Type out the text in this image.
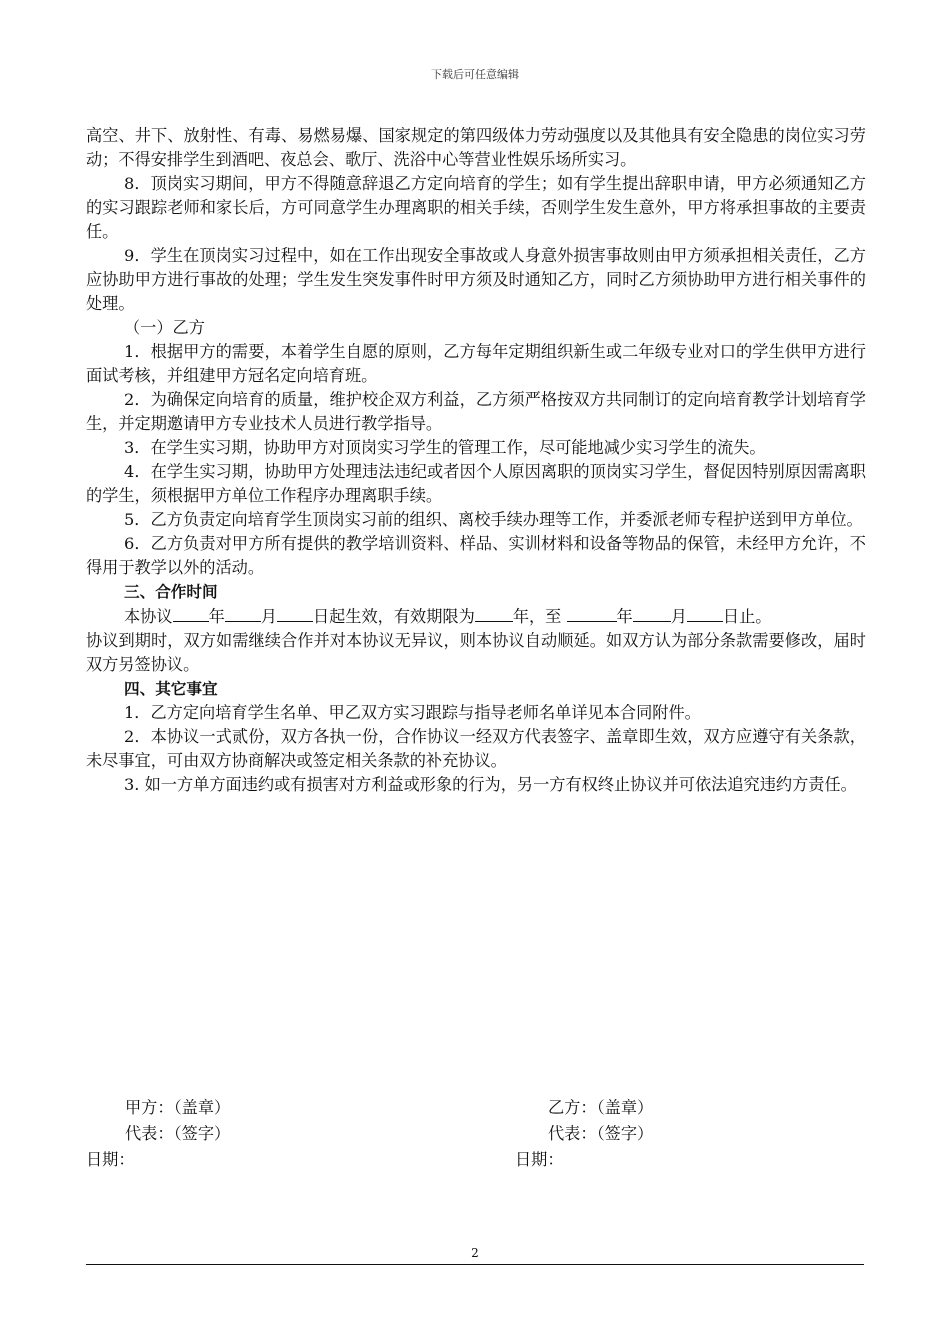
下载后可任意编辑

高空、井下、放射性、有毒、易燃易爆、国家规定的第四级体力劳动强度以及其他具有安全隐患的岗位实习劳动；不得安排学生到酒吧、夜总会、歌厅、洗浴中心等营业性娱乐场所实习。

8．顶岗实习期间，甲方不得随意辞退乙方定向培育的学生；如有学生提出辞职申请，甲方必须通知乙方的实习跟踪老师和家长后，方可同意学生办理离职的相关手续，否则学生发生意外，甲方将承担事故的主要责任。

9．学生在顶岗实习过程中，如在工作出现安全事故或人身意外损害事故则由甲方须承担相关责任，乙方应协助甲方进行事故的处理；学生发生突发事件时甲方须及时通知乙方，同时乙方须协助甲方进行相关事件的处理。

（一）乙方

1．根据甲方的需要，本着学生自愿的原则，乙方每年定期组织新生或二年级专业对口的学生供甲方进行面试考核，并组建甲方冠名定向培育班。

2．为确保定向培育的质量，维护校企双方利益，乙方须严格按双方共同制订的定向培育教学计划培育学生，并定期邀请甲方专业技术人员进行教学指导。

3．在学生实习期，协助甲方对顶岗实习学生的管理工作，尽可能地减少实习学生的流失。

4．在学生实习期，协助甲方处理违法违纪或者因个人原因离职的顶岗实习学生，督促因特别原因需离职的学生，须根据甲方单位工作程序办理离职手续。

5．乙方负责定向培育学生顶岗实习前的组织、离校手续办理等工作，并委派老师专程护送到甲方单位。

6．乙方负责对甲方所有提供的教学培训资料、样品、实训材料和设备等物品的保管，未经甲方允许，不得用于教学以外的活动。

三、合作时间

本协议 年 月 日起生效，有效期限为 年，至	年 月 日止。

协议到期时，双方如需继续合作并对本协议无异议，则本协议自动顺延。如双方认为部分条款需要修改，届时双方另签协议。

四、其它事宜

1．乙方定向培育学生名单、甲乙双方实习跟踪与指导老师名单详见本合同附件。

2．本协议一式贰份，双方各执一份，合作协议一经双方代表签字、盖章即生效，双方应遵守有关条款，未尽事宜，可由双方协商解决或签定相关条款的补充协议。

3. 如一方单方面违约或有损害对方利益或形象的行为，另一方有权终止协议并可依法追究违约方责任。

甲方：（盖章）
代表：（签字）
日期：
乙方：（盖章）
代表：（签字）
日期：
2
